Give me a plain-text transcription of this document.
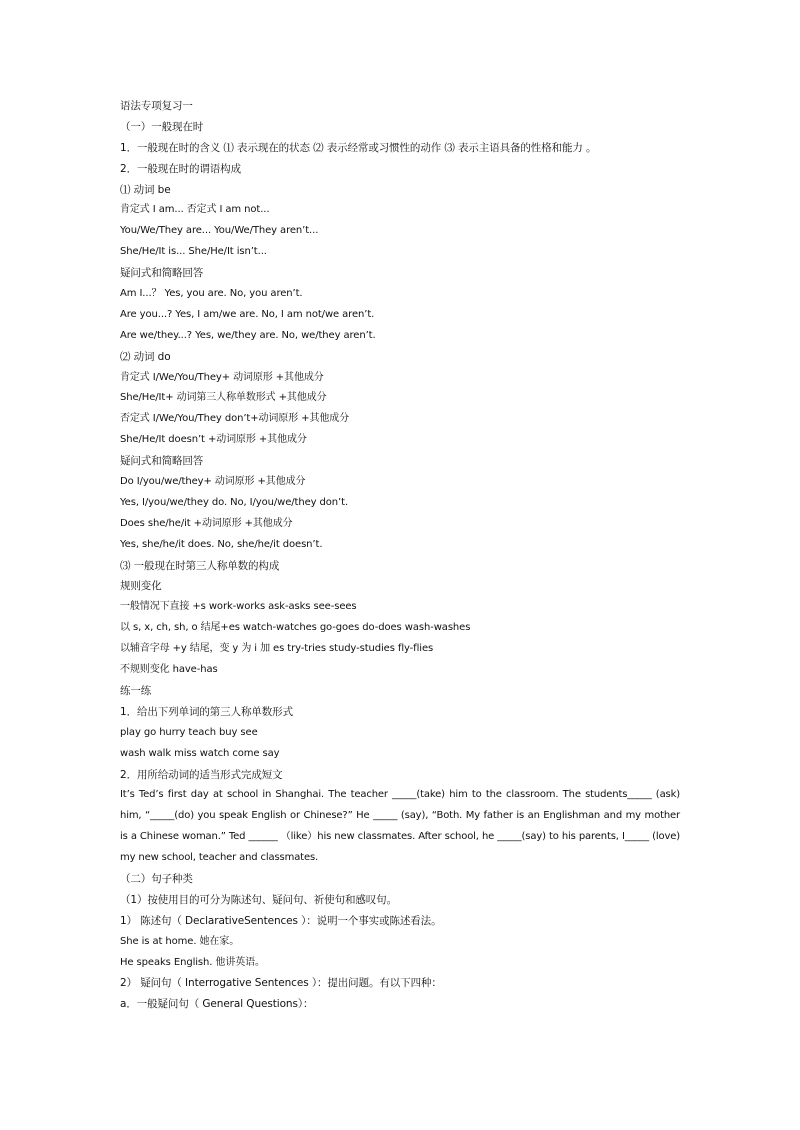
语法专项复习一
（一）一般现在时
1．一般现在时的含义 ⑴ 表示现在的状态 ⑵ 表示经常或习惯性的动作 ⑶ 表示主语具备的性格和能力 。
2．一般现在时的谓语构成
⑴ 动词 be
肯定式 I am... 否定式 I am not...
You/We/They are... You/We/They aren’t...
She/He/It is... She/He/It isn’t...
疑问式和简略回答
Am I...？ Yes, you are. No, you aren’t.
Are you...? Yes, I am/we are. No, I am not/we aren’t.
Are we/they...? Yes, we/they are. No, we/they aren’t.
⑵ 动词 do
肯定式 I/We/You/They+ 动词原形 +其他成分
She/He/It+ 动词第三人称单数形式 +其他成分
否定式 I/We/You/They don’t+动词原形 +其他成分
She/He/It doesn’t +动词原形 +其他成分
疑问式和简略回答
Do I/you/we/they+ 动词原形 +其他成分
Yes, I/you/we/they do. No, I/you/we/they don’t.
Does she/he/it +动词原形 +其他成分
Yes, she/he/it does. No, she/he/it doesn’t.
⑶ 一般现在时第三人称单数的构成
规则变化
一般情况下直接 +s work-works ask-asks see-sees
以 s, x, ch, sh, o 结尾+es watch-watches go-goes do-does wash-washes
以辅音字母 +y 结尾，变 y 为 i 加 es try-tries study-studies fly-flies
不规则变化 have-has
练一练
1．给出下列单词的第三人称单数形式
play go hurry teach buy see
wash walk miss watch come say
2．用所给动词的适当形式完成短文
It’s Ted’s first day at school in Shanghai. The teacher _____(take) him to the classroom. The students_____ (ask) him, “_____(do) you speak English or Chinese?” He _____ (say), “Both. My father is an Englishman and my mother is a Chinese woman.” Ted ______ （like）his new classmates. After school, he _____(say) to his parents, I_____ (love) my new school, teacher and classmates.
（二）句子种类
（1）按使用目的可分为陈述句、疑问句、祈使句和感叹句。
1） 陈述句（ DeclarativeSentences ）：说明一个事实或陈述看法。
She is at home. 她在家。
He speaks English. 他讲英语。
2） 疑问句（ Interrogative Sentences ）：提出问题。有以下四种：
a．一般疑问句（ General Questions）：
